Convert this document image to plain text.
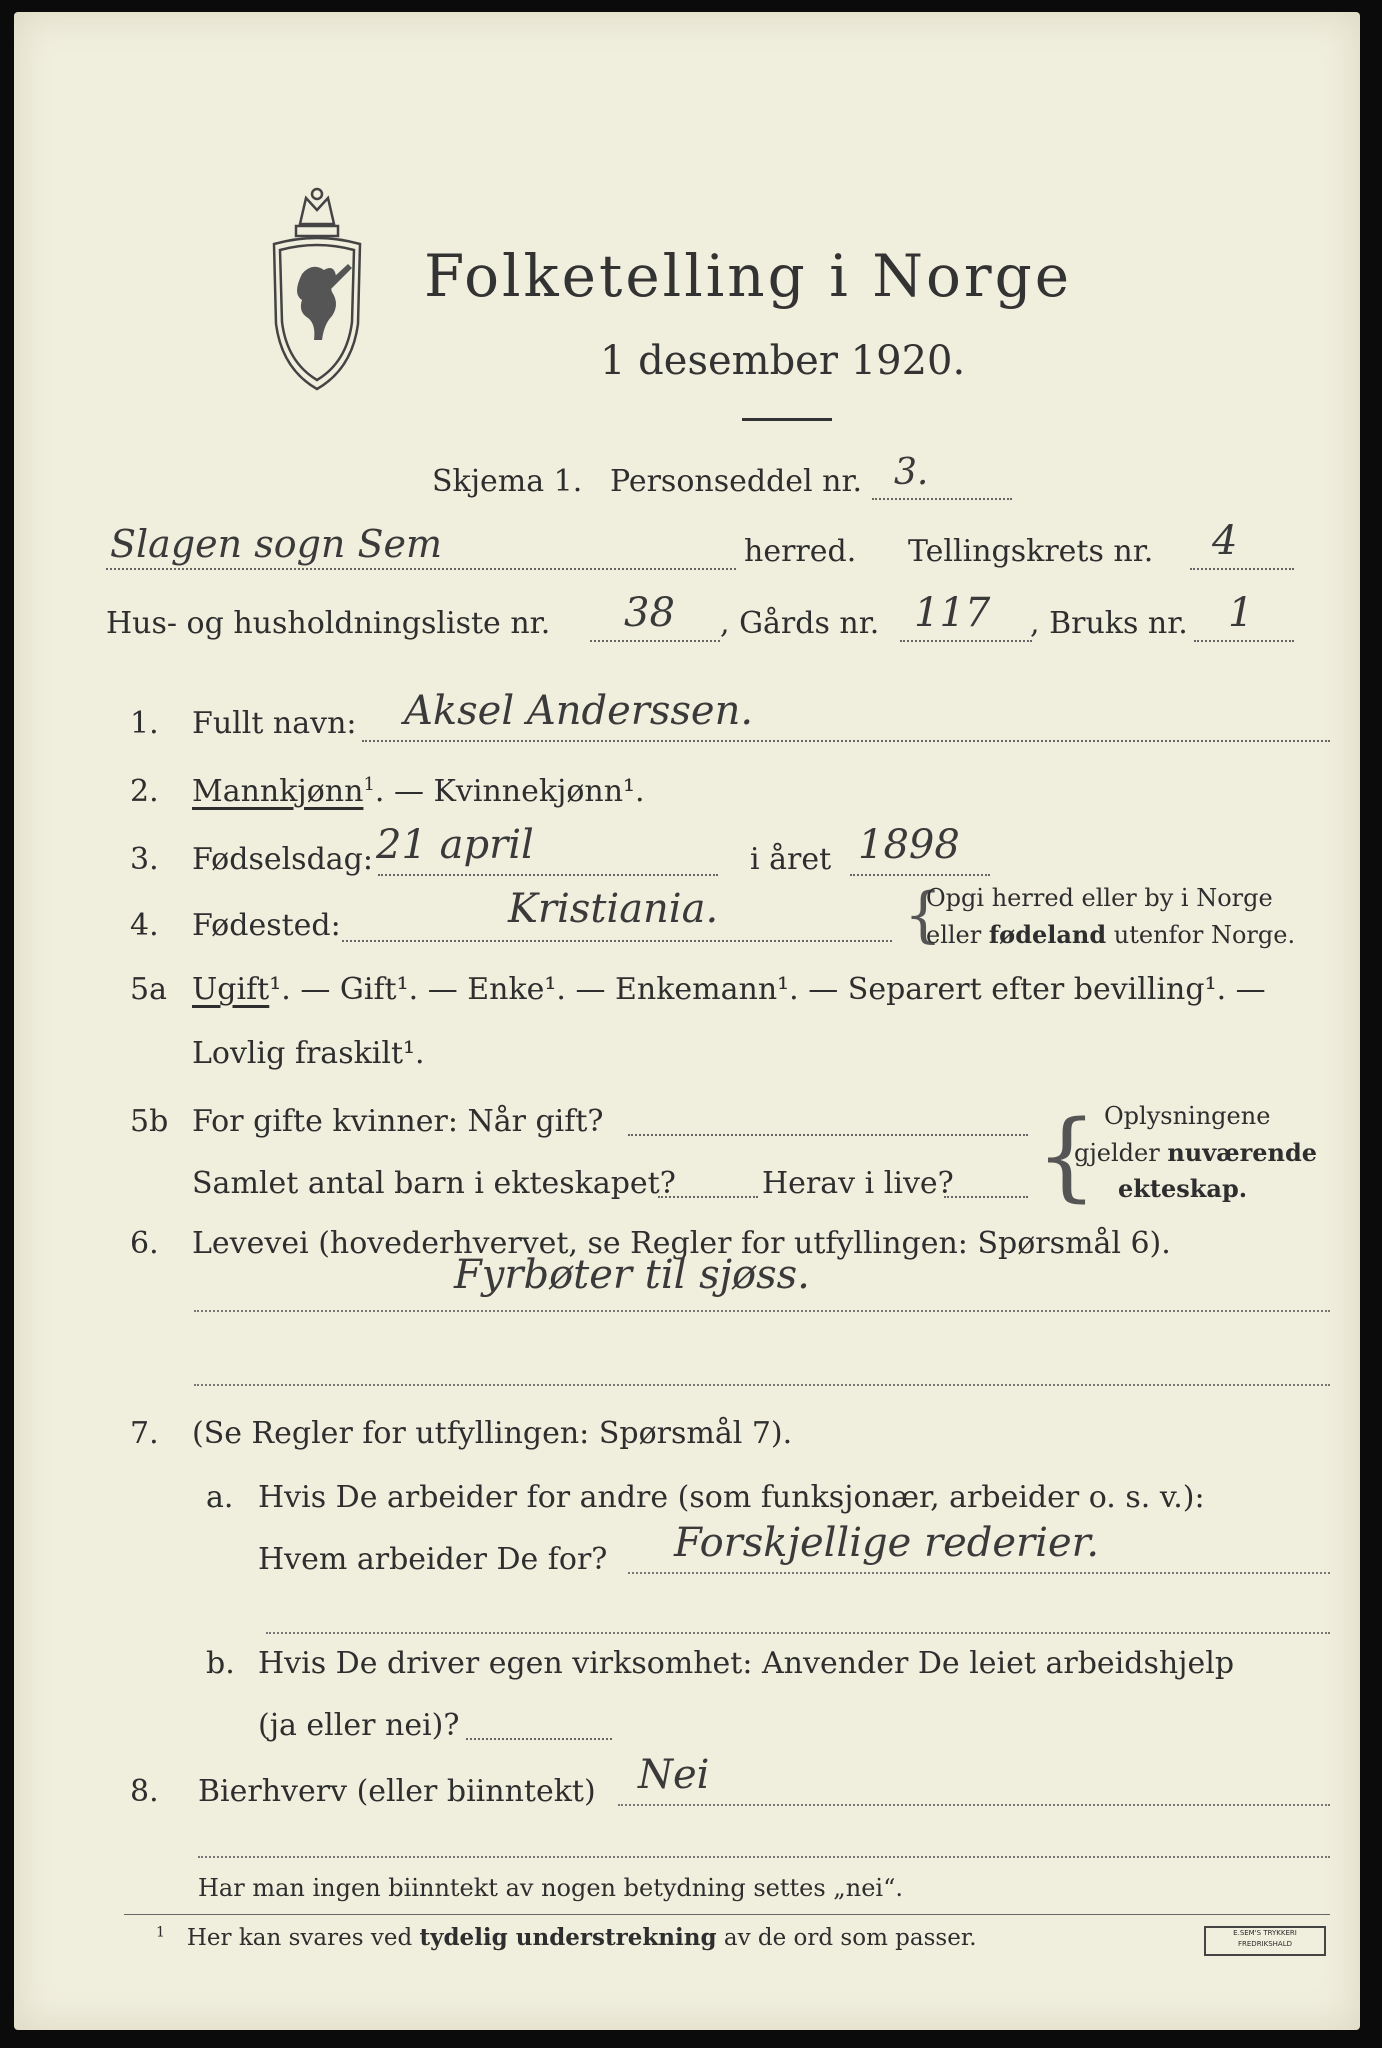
Folketelling i Norge
1 desember 1920.
Skjema 1. Personseddel nr. 3.
Slagen sogn Sem	herred. Tellingskrets nr. 4
Hus- og husholdningsliste nr. 38 , Gårds nr. 117 , Bruks nr. 1
1. Fullt navn: Aksel Anderssen.
2. Mannkjønn$^1$. — Kvinnekjønn¹.
3. Fødselsdag: 21 april	i året 1898
4. Fødested:	Kristiania.	{
Opgi herred eller by i Norge
eller fødeland utenfor Norge.
5a Ugift¹. — Gift¹. — Enke¹. — Enkemann¹. — Separert efter bevilling¹. —
Lovlig fraskilt¹.
5b For gifte kvinner: Når gift?
Samlet antal barn i ekteskapet?	Herav i live? { Oplysningene
gjelder nuværende
ekteskap.
6. Levevei (hovederhvervet, se Regler for utfyllingen: Spørsmål 6).
Fyrbøter til sjøss.
7. (Se Regler for utfyllingen: Spørsmål 7).
a. Hvis De arbeider for andre (som funksjonær, arbeider o. s. v.):
Hvem arbeider De for? Forskjellige rederier.
b. Hvis De driver egen virksomhet: Anvender De leiet arbeidshjelp
(ja eller nei)?
8. Bierhverv (eller biinntekt) Nei
Har man ingen biinntekt av nogen betydning settes „nei“.
$^1$ Her kan svares ved tydelig understrekning av de ord som passer.	E.SEM'S TRYKKERI FREDRIKSHALD
